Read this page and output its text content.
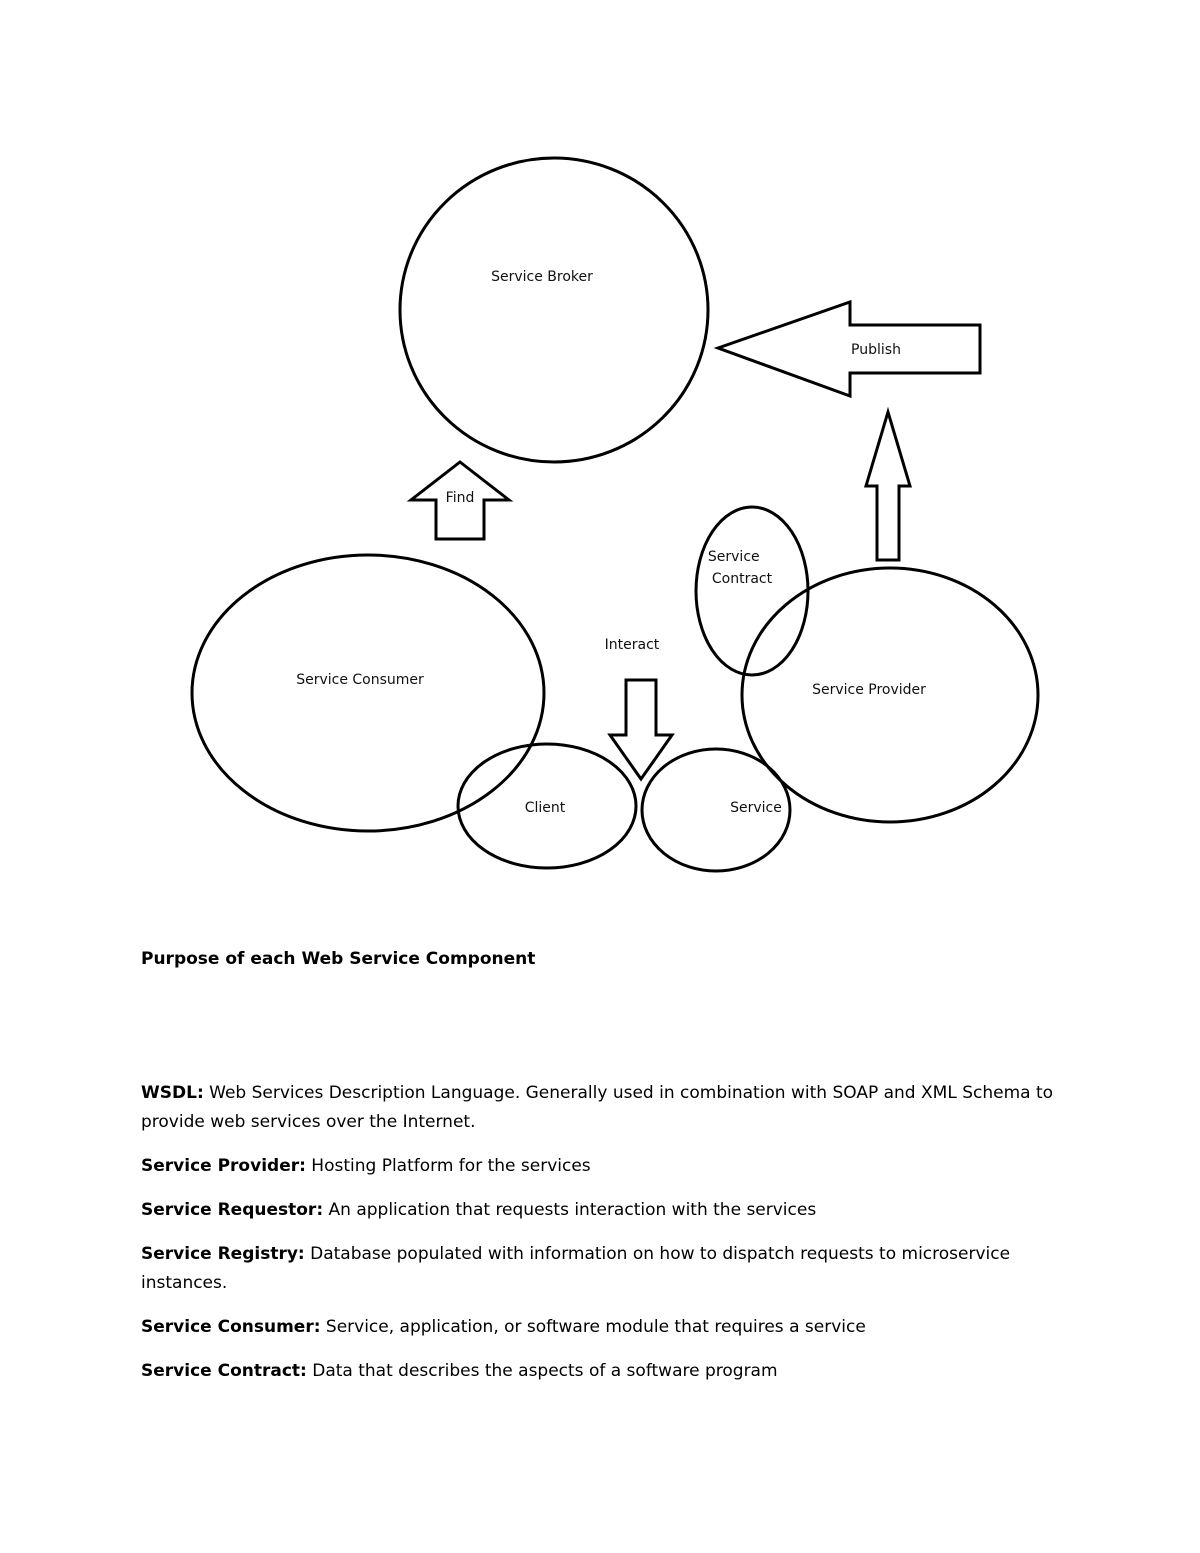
Service Broker
Publish
Find
Service Consumer
Client
Interact
Service
Service Contract
Service Provider
Purpose of each Web Service Component
WSDL: Web Services Description Language. Generally used in combination with SOAP and XML Schema to provide web services over the Internet.
Service Provider: Hosting Platform for the services
Service Requestor: An application that requests interaction with the services
Service Registry: Database populated with information on how to dispatch requests to microservice instances.
Service Consumer: Service, application, or software module that requires a service
Service Contract: Data that describes the aspects of a software program
